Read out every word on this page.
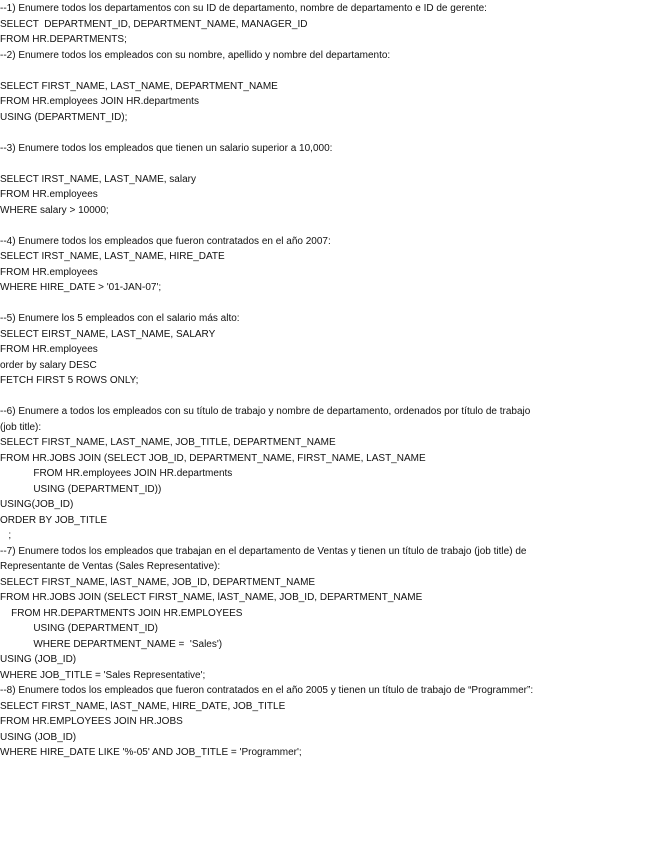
--1) Enumere todos los departamentos con su ID de departamento, nombre de departamento e ID de gerente:
SELECT  DEPARTMENT_ID, DEPARTMENT_NAME, MANAGER_ID
FROM HR.DEPARTMENTS;
--2) Enumere todos los empleados con su nombre, apellido y nombre del departamento:
SELECT FIRST_NAME, LAST_NAME, DEPARTMENT_NAME
FROM HR.employees JOIN HR.departments
USING (DEPARTMENT_ID);
--3) Enumere todos los empleados que tienen un salario superior a 10,000:
SELECT IRST_NAME, LAST_NAME, salary
FROM HR.employees
WHERE salary > 10000;
--4) Enumere todos los empleados que fueron contratados en el año 2007:
SELECT IRST_NAME, LAST_NAME, HIRE_DATE
FROM HR.employees
WHERE HIRE_DATE > '01-JAN-07';
--5) Enumere los 5 empleados con el salario más alto:
SELECT EIRST_NAME, LAST_NAME, SALARY
FROM HR.employees
order by salary DESC
FETCH FIRST 5 ROWS ONLY;
--6) Enumere a todos los empleados con su título de trabajo y nombre de departamento, ordenados por título de trabajo
(job title):
SELECT FIRST_NAME, LAST_NAME, JOB_TITLE, DEPARTMENT_NAME
FROM HR.JOBS JOIN (SELECT JOB_ID, DEPARTMENT_NAME, FIRST_NAME, LAST_NAME
FROM HR.employees JOIN HR.departments
USING (DEPARTMENT_ID))
USING(JOB_ID)
ORDER BY JOB_TITLE
;
--7) Enumere todos los empleados que trabajan en el departamento de Ventas y tienen un título de trabajo (job title) de
Representante de Ventas (Sales Representative):
SELECT FIRST_NAME, lAST_NAME, JOB_ID, DEPARTMENT_NAME
FROM HR.JOBS JOIN (SELECT FIRST_NAME, lAST_NAME, JOB_ID, DEPARTMENT_NAME
FROM HR.DEPARTMENTS JOIN HR.EMPLOYEES
USING (DEPARTMENT_ID)
WHERE DEPARTMENT_NAME =  'Sales')
USING (JOB_ID)
WHERE JOB_TITLE = 'Sales Representative';
--8) Enumere todos los empleados que fueron contratados en el año 2005 y tienen un título de trabajo de “Programmer”:
SELECT FIRST_NAME, lAST_NAME, HIRE_DATE, JOB_TITLE
FROM HR.EMPLOYEES JOIN HR.JOBS
USING (JOB_ID)
WHERE HIRE_DATE LIKE '%-05' AND JOB_TITLE = 'Programmer';
